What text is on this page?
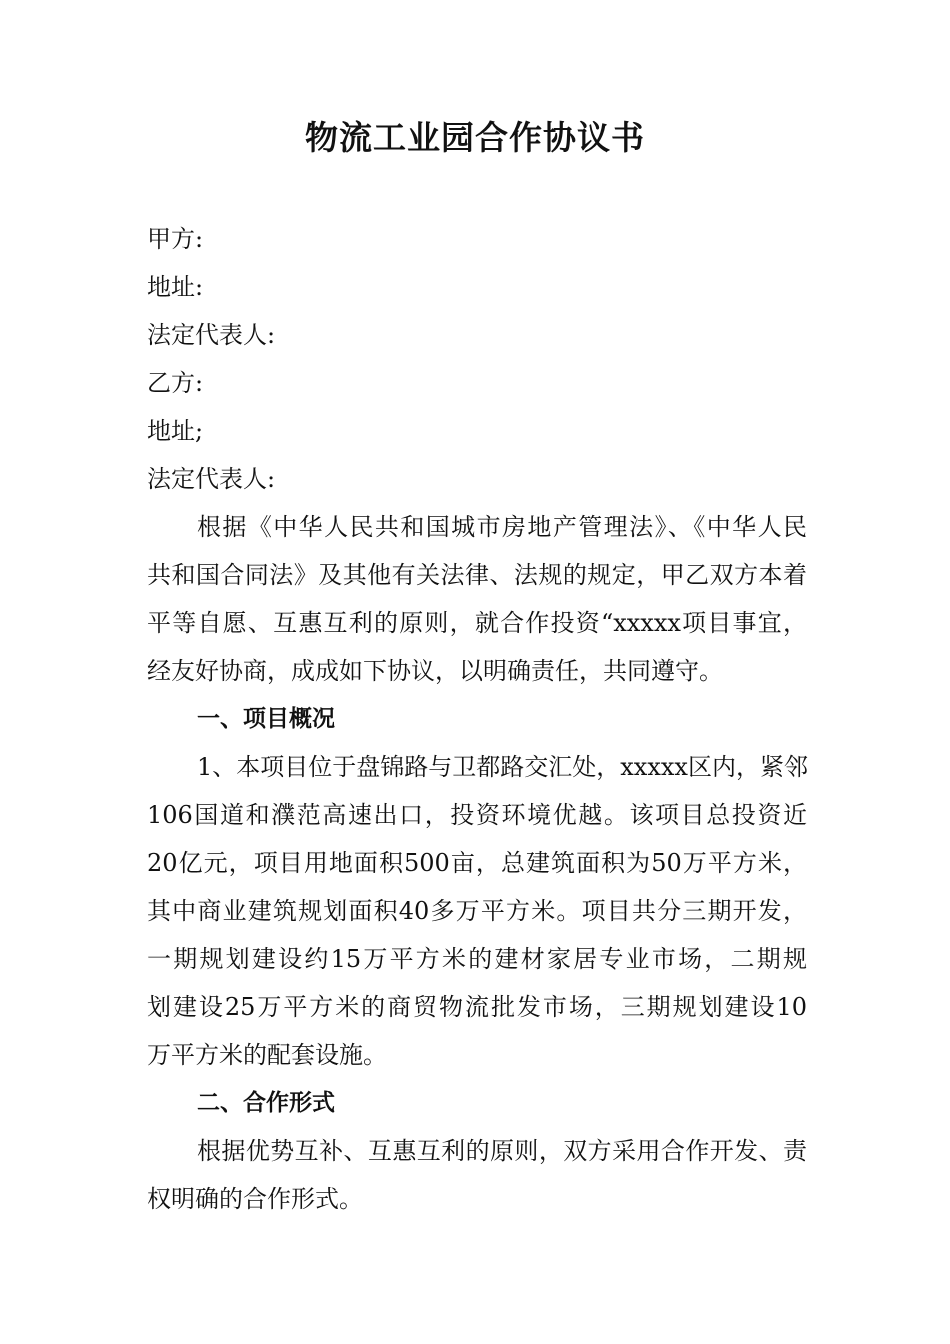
物流工业园合作协议书
甲方:
地址:
法定代表人:
乙方:
地址;
法定代表人:
根据《中华人民共和国城市房地产管理法》、《中华人民
共和国合同法》及其他有关法律、法规的规定，甲乙双方本着
平等自愿、互惠互利的原则，就合作投资“xxxxx项目事宜，
经友好协商，成成如下协议，以明确责任，共同遵守。
一、项目概况
1、本项目位于盘锦路与卫都路交汇处，xxxxx区内，紧邻
106国道和濮范高速出口，投资环境优越。该项目总投资近
20亿元，项目用地面积500亩，总建筑面积为50万平方米，
其中商业建筑规划面积40多万平方米。项目共分三期开发，
一期规划建设约15万平方米的建材家居专业市场，二期规
划建设25万平方米的商贸物流批发市场，三期规划建设10
万平方米的配套设施。
二、合作形式
根据优势互补、互惠互利的原则，双方采用合作开发、责
权明确的合作形式。
